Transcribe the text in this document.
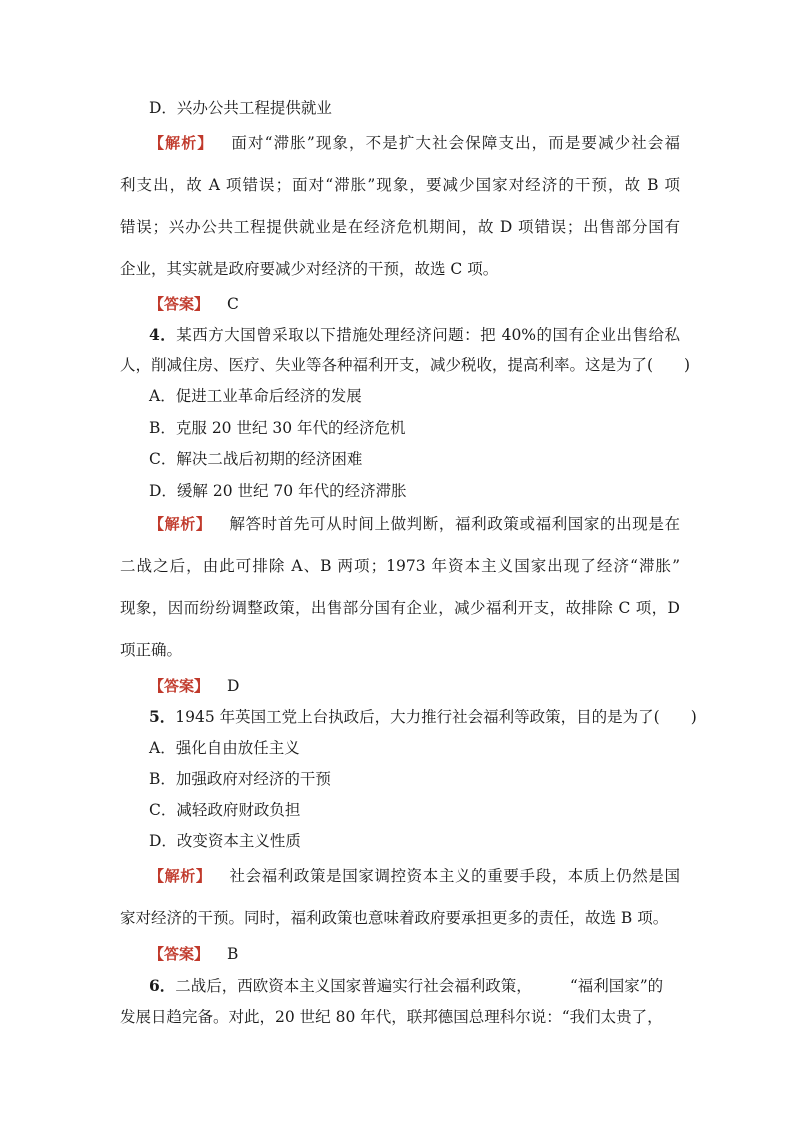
D．兴办公共工程提供就业
【解析】 面对“滞胀”现象，不是扩大社会保障支出，而是要减少社会福
利支出，故 A 项错误；面对“滞胀”现象，要减少国家对经济的干预，故 B 项
错误；兴办公共工程提供就业是在经济危机期间，故 D 项错误；出售部分国有
企业，其实就是政府要减少对经济的干预，故选 C 项。
【答案】 C
4．某西方大国曾采取以下措施处理经济问题：把 40%的国有企业出售给私
人，削减住房、医疗、失业等各种福利开支，减少税收，提高利率。这是为了(　　)
A．促进工业革命后经济的发展
B．克服 20 世纪 30 年代的经济危机
C．解决二战后初期的经济困难
D．缓解 20 世纪 70 年代的经济滞胀
【解析】 解答时首先可从时间上做判断，福利政策或福利国家的出现是在
二战之后，由此可排除 A、B 两项；1973 年资本主义国家出现了经济“滞胀”
现象，因而纷纷调整政策，出售部分国有企业，减少福利开支，故排除 C 项，D
项正确。
【答案】 D
5．1945 年英国工党上台执政后，大力推行社会福利等政策，目的是为了(　　)
A．强化自由放任主义
B．加强政府对经济的干预
C．减轻政府财政负担
D．改变资本主义性质
【解析】 社会福利政策是国家调控资本主义的重要手段，本质上仍然是国
家对经济的干预。同时，福利政策也意味着政府要承担更多的责任，故选 B 项。
【答案】 B
6．二战后，西欧资本主义国家普遍实行社会福利政策， “福利国家”的
发展日趋完备。对此，20 世纪 80 年代，联邦德国总理科尔说：“我们太贵了，
